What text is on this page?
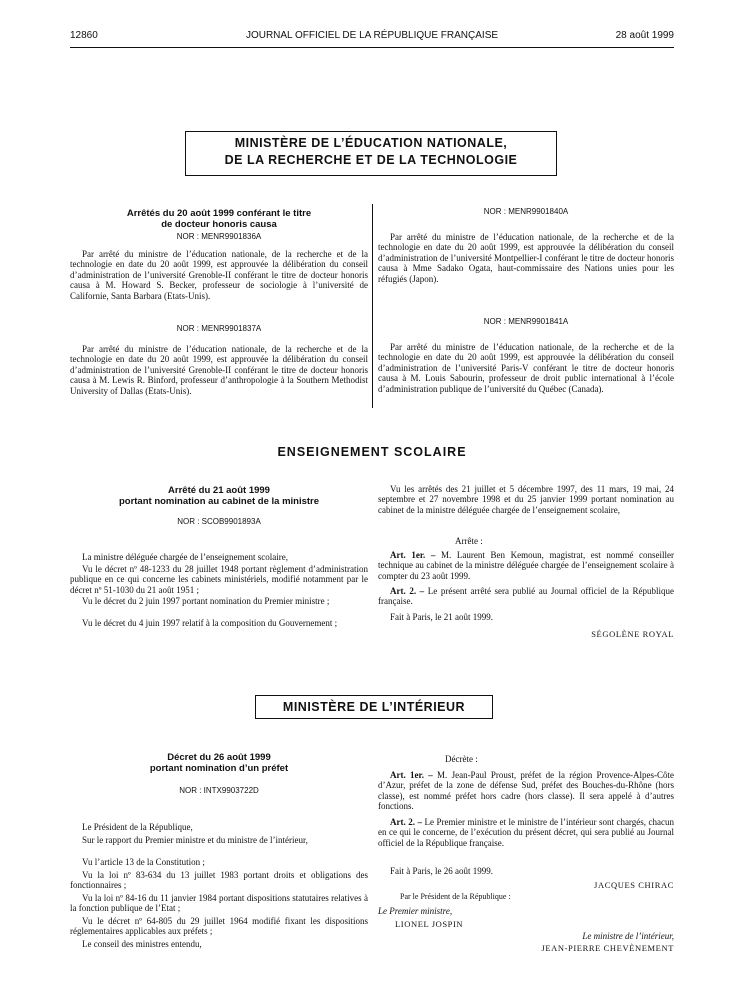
12860	JOURNAL OFFICIEL DE LA RÉPUBLIQUE FRANÇAISE	28 août 1999
MINISTÈRE DE L’ÉDUCATION NATIONALE,
DE LA RECHERCHE ET DE LA TECHNOLOGIE
Arrêtés du 20 août 1999 conférant le titre
de docteur honoris causa
NOR : MENR9901836A

Par arrêté du ministre de l’éducation nationale, de la recherche et de la technologie en date du 20 août 1999, est approuvée la délibération du conseil d’administration de l’université Grenoble-II conférant le titre de docteur honoris causa à M. Howard S. Becker, professeur de sociologie à l’université de Californie, Santa Barbara (Etats-Unis).

NOR : MENR9901837A

Par arrêté du ministre de l’éducation nationale, de la recherche et de la technologie en date du 20 août 1999, est approuvée la délibération du conseil d’administration de l’université Grenoble-II conférant le titre de docteur honoris causa à M. Lewis R. Binford, professeur d’anthropologie à la Southern Methodist University of Dallas (Etats-Unis).

NOR : MENR9901840A

Par arrêté du ministre de l’éducation nationale, de la recherche et de la technologie en date du 20 août 1999, est approuvée la délibération du conseil d’administration de l’université Montpellier-I conférant le titre de docteur honoris causa à Mme Sadako Ogata, haut-commissaire des Nations unies pour les réfugiés (Japon).

NOR : MENR9901841A

Par arrêté du ministre de l’éducation nationale, de la recherche et de la technologie en date du 20 août 1999, est approuvée la délibération du conseil d’administration de l’université Paris-V conférant le titre de docteur honoris causa à M. Louis Sabourin, professeur de droit public international à l’école d’administration publique de l’université du Québec (Canada).

ENSEIGNEMENT SCOLAIRE
Arrêté du 21 août 1999
portant nomination au cabinet de la ministre
NOR : SCOB9901893A

La ministre déléguée chargée de l’enseignement scolaire,

Vu le décret nº 48-1233 du 28 juillet 1948 portant règlement d’administration publique en ce qui concerne les cabinets ministériels, modifié notamment par le décret nº 51-1030 du 21 août 1951 ;

Vu le décret du 2 juin 1997 portant nomination du Premier ministre ;

Vu le décret du 4 juin 1997 relatif à la composition du Gouvernement ;

Vu les arrêtés des 21 juillet et 5 décembre 1997, des 11 mars, 19 mai, 24 septembre et 27 novembre 1998 et du 25 janvier 1999 portant nomination au cabinet de la ministre déléguée chargée de l’enseignement scolaire,

Arrête :

Art. 1er. – M. Laurent Ben Kemoun, magistrat, est nommé conseiller technique au cabinet de la ministre déléguée chargée de l’enseignement scolaire à compter du 23 août 1999.

Art. 2. – Le présent arrêté sera publié au Journal officiel de la République française.

Fait à Paris, le 21 août 1999.
SÉGOLÈNE ROYAL
MINISTÈRE DE L’INTÉRIEUR
Décret du 26 août 1999
portant nomination d’un préfet
NOR : INTX9903722D

Le Président de la République,

Sur le rapport du Premier ministre et du ministre de l’intérieur,

Vu l’article 13 de la Constitution ;

Vu la loi nº 83-634 du 13 juillet 1983 portant droits et obligations des fonctionnaires ;

Vu la loi nº 84-16 du 11 janvier 1984 portant dispositions statutaires relatives à la fonction publique de l’Etat ;

Vu le décret nº 64-805 du 29 juillet 1964 modifié fixant les dispositions réglementaires applicables aux préfets ;

Le conseil des ministres entendu,

Décrète :

Art. 1er. – M. Jean-Paul Proust, préfet de la région Provence-Alpes-Côte d’Azur, préfet de la zone de défense Sud, préfet des Bouches-du-Rhône (hors classe), est nommé préfet hors cadre (hors classe). Il sera appelé à d’autres fonctions.

Art. 2. – Le Premier ministre et le ministre de l’intérieur sont chargés, chacun en ce qui le concerne, de l’exécution du présent décret, qui sera publié au Journal officiel de la République française.

Fait à Paris, le 26 août 1999.
JACQUES CHIRAC
Par le Président de la République :
Le Premier ministre,
LIONEL JOSPIN
Le ministre de l’intérieur,
JEAN-PIERRE CHEVÈNEMENT
